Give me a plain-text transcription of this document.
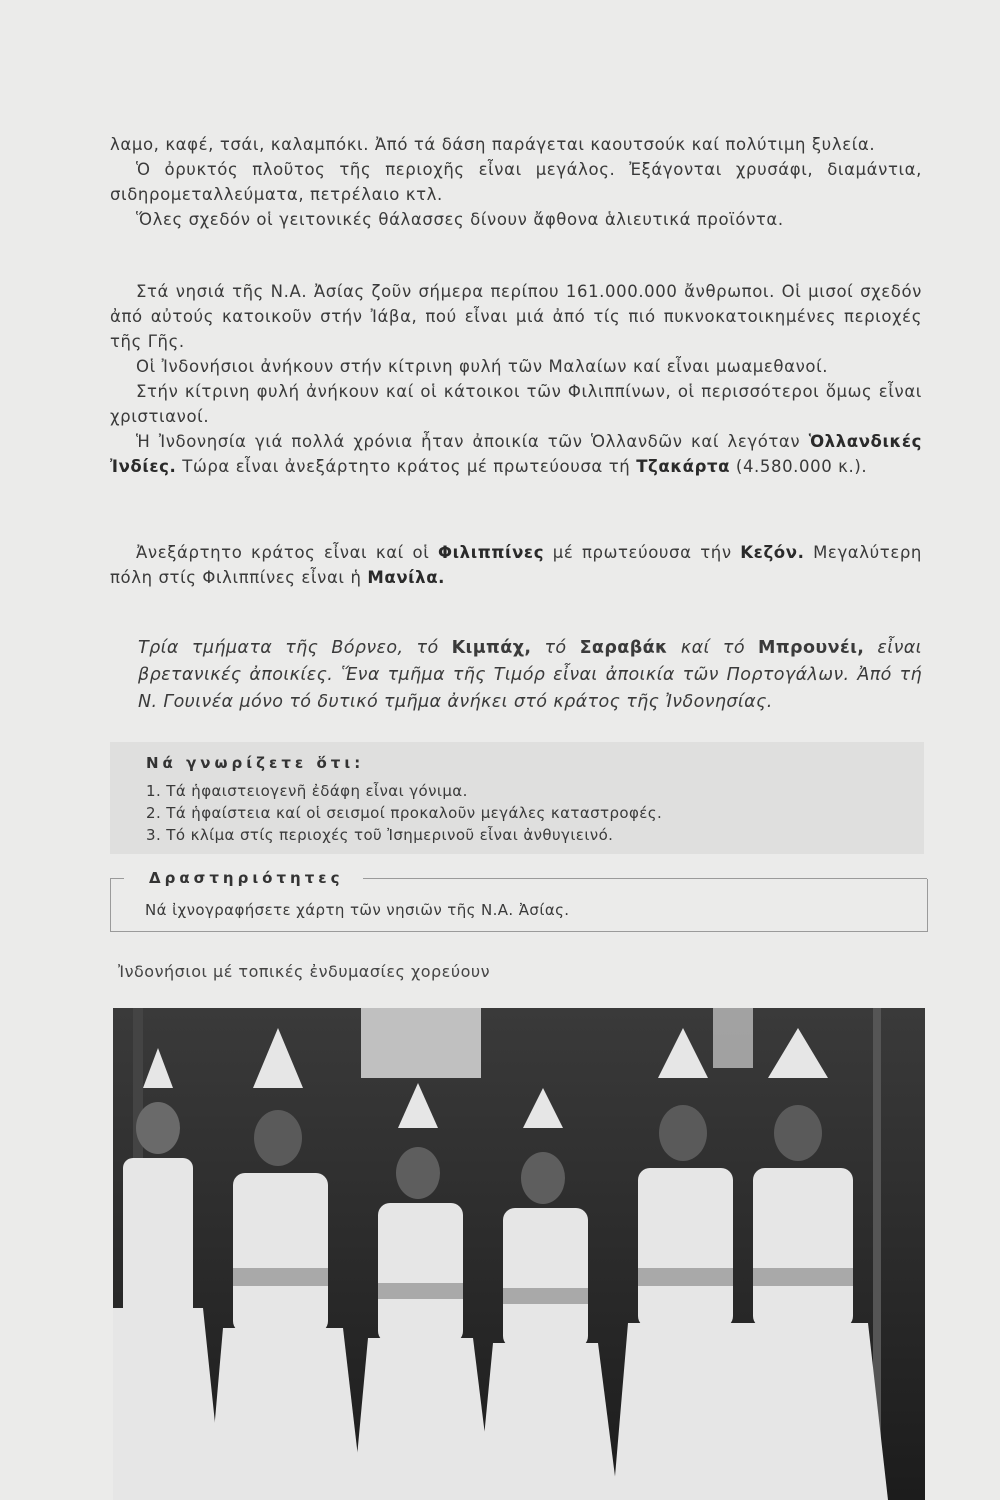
λαμο, καφέ, τσάι, καλαμπόκι. Ἀπό τά δάση παράγεται καουτσούκ καί πολύτιμη ξυλεία.

Ὁ ὀρυκτός πλοῦτος τῆς περιοχῆς εἶναι μεγάλος. Ἐξάγονται χρυσάφι, διαμάντια, σιδηρομεταλλεύματα, πετρέλαιο κτλ.

Ὅλες σχεδόν οἱ γειτονικές θάλασσες δίνουν ἄφθονα ἁλιευτικά προϊόντα.

Στά νησιά τῆς Ν.Α. Ἀσίας ζοῦν σήμερα περίπου 161.000.000 ἄνθρωποι. Οἱ μισοί σχεδόν ἀπό αὐτούς κατοικοῦν στήν Ἰάβα, πού εἶναι μιά ἀπό τίς πιό πυκνοκατοικημένες περιοχές τῆς Γῆς.

Οἱ Ἰνδονήσιοι ἀνήκουν στήν κίτρινη φυλή τῶν Μαλαίων καί εἶναι μωαμεθανοί.

Στήν κίτρινη φυλή ἀνήκουν καί οἱ κάτοικοι τῶν Φιλιππίνων, οἱ περισσότεροι ὅμως εἶναι χριστιανοί.

Ἡ Ἰνδονησία γιά πολλά χρόνια ἦταν ἀποικία τῶν Ὁλλανδῶν καί λεγόταν Ὁλλανδικές Ἰνδίες. Τώρα εἶναι ἀνεξάρτητο κράτος μέ πρωτεύουσα τή Τζακάρτα (4.580.000 κ.).

Ἀνεξάρτητο κράτος εἶναι καί οἱ Φιλιππίνες μέ πρωτεύουσα τήν Κεζόν. Μεγαλύτερη πόλη στίς Φιλιππίνες εἶναι ἡ Μανίλα.

Τρία τμήματα τῆς Βόρνεο, τό Κιμπάχ, τό Σαραβάκ καί τό Μπρουνέι, εἶναι βρετανικές ἀποικίες. Ἕνα τμῆμα τῆς Τιμόρ εἶναι ἀποικία τῶν Πορτογάλων. Ἀπό τή Ν. Γουινέα μόνο τό δυτικό τμῆμα ἀνήκει στό κράτος τῆς Ἰνδονησίας.

Νά γνωρίζετε ὅτι:
1. Τά ἡφαιστειογενῆ ἐδάφη εἶναι γόνιμα.
2. Τά ἡφαίστεια καί οἱ σεισμοί προκαλοῦν μεγάλες καταστροφές.
3. Τό κλίμα στίς περιοχές τοῦ Ἰσημερινοῦ εἶναι ἀνθυγιεινό.
Δραστηριότητες
Νά ἰχνογραφήσετε χάρτη τῶν νησιῶν τῆς Ν.Α. Ἀσίας.
Ἰνδονήσιοι μέ τοπικές ἐνδυμασίες χορεύουν
